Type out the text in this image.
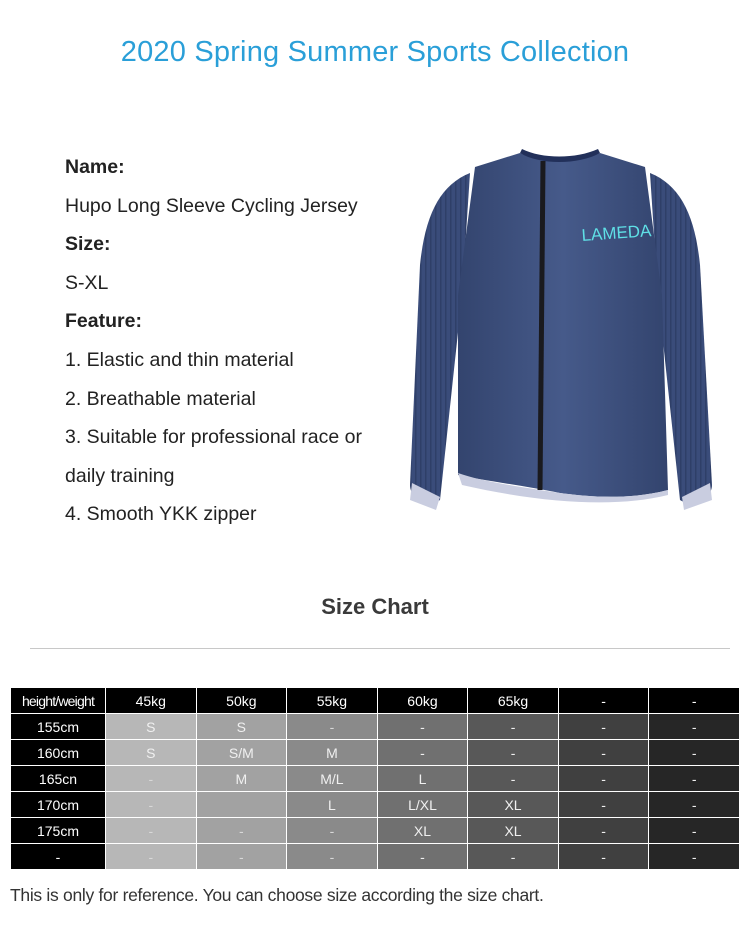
2020 Spring Summer Sports Collection
Name:
Hupo Long Sleeve Cycling Jersey
Size:
S-XL
Feature:
1. Elastic and thin material
2. Breathable material
3. Suitable for professional race or
daily training
4. Smooth YKK zipper
LAMEDA
Size Chart
height/weight	45kg	50kg	55kg	60kg	65kg	-	-
155cm	S	S	-	-	-	-	-
160cm	S	S/M	M	-	-	-	-
165cn	-	M	M/L	L	-	-	-
170cm	-		L	L/XL	XL	-	-
175cm	-	-	-	XL	XL	-	-
-	-	-	-	-	-	-	-
This is only for reference. You can choose size according the size chart.
